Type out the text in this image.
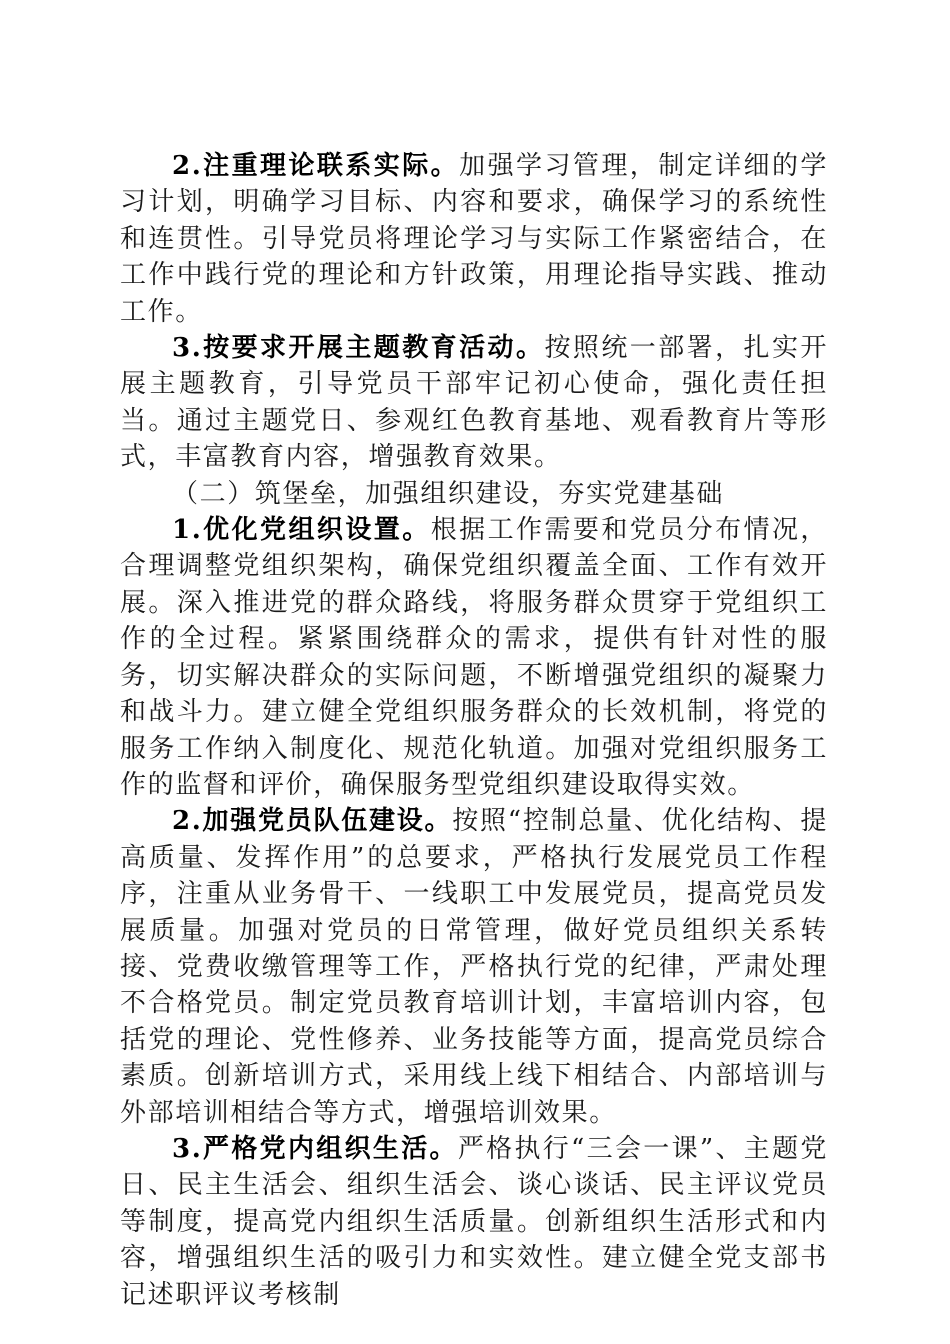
2.注重理论联系实际。加强学习管理，制定详细的学习计划，明确学习目标、内容和要求，确保学习的系统性和连贯性。引导党员将理论学习与实际工作紧密结合，在工作中践行党的理论和方针政策，用理论指导实践、推动工作。

3.按要求开展主题教育活动。按照统一部署，扎实开展主题教育，引导党员干部牢记初心使命，强化责任担当。通过主题党日、参观红色教育基地、观看教育片等形式，丰富教育内容，增强教育效果。

（二）筑堡垒，加强组织建设，夯实党建基础

1.优化党组织设置。根据工作需要和党员分布情况，合理调整党组织架构，确保党组织覆盖全面、工作有效开展。深入推进党的群众路线，将服务群众贯穿于党组织工作的全过程。紧紧围绕群众的需求，提供有针对性的服务，切实解决群众的实际问题，不断增强党组织的凝聚力和战斗力。建立健全党组织服务群众的长效机制，将党的服务工作纳入制度化、规范化轨道。加强对党组织服务工作的监督和评价，确保服务型党组织建设取得实效。

2.加强党员队伍建设。按照“控制总量、优化结构、提高质量、发挥作用”的总要求，严格执行发展党员工作程序，注重从业务骨干、一线职工中发展党员，提高党员发展质量。加强对党员的日常管理，做好党员组织关系转接、党费收缴管理等工作，严格执行党的纪律，严肃处理不合格党员。制定党员教育培训计划，丰富培训内容，包括党的理论、党性修养、业务技能等方面，提高党员综合素质。创新培训方式，采用线上线下相结合、内部培训与外部培训相结合等方式，增强培训效果。

3.严格党内组织生活。严格执行“三会一课”、主题党日、民主生活会、组织生活会、谈心谈话、民主评议党员等制度，提高党内组织生活质量。创新组织生活形式和内容，增强组织生活的吸引力和实效性。建立健全党支部书记述职评议考核制
